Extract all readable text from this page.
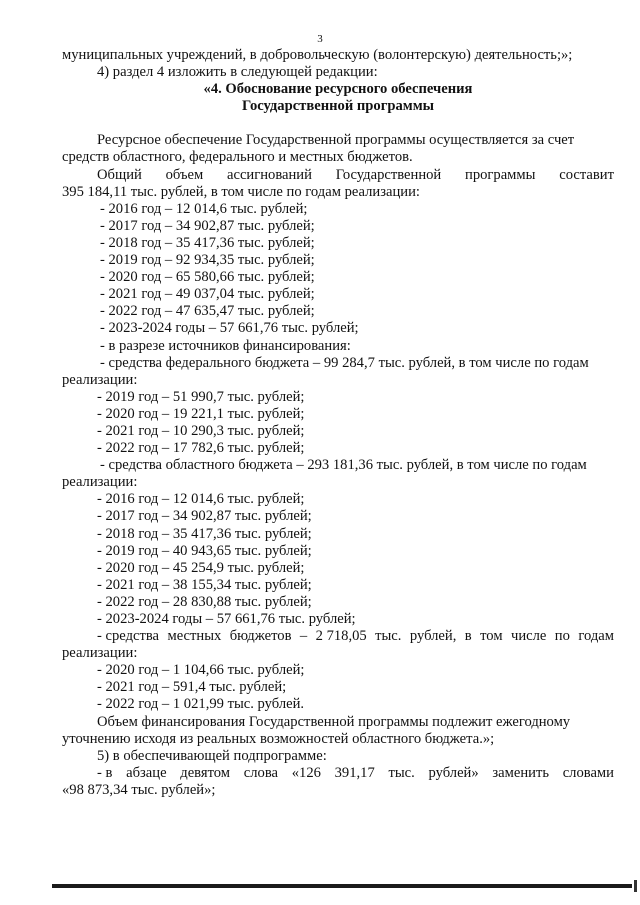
3
муниципальных учреждений, в добровольческую (волонтерскую) деятельность;»;
4) раздел 4 изложить в следующей редакции:
«4. Обоснование ресурсного обеспечения
Государственной программы
Ресурсное обеспечение Государственной программы осуществляется за счет
средств областного, федерального и местных бюджетов.
Общий объем ассигнований Государственной программы составит
395 184,11 тыс. рублей, в том числе по годам реализации:
- 2016 год – 12 014,6 тыс. рублей;
- 2017 год – 34 902,87 тыс. рублей;
- 2018 год – 35 417,36 тыс. рублей;
- 2019 год – 92 934,35 тыс. рублей;
- 2020 год – 65 580,66 тыс. рублей;
- 2021 год – 49 037,04 тыс. рублей;
- 2022 год – 47 635,47 тыс. рублей;
- 2023-2024 годы – 57 661,76 тыс. рублей;
- в разрезе источников финансирования:
- средства федерального бюджета – 99 284,7 тыс. рублей, в том числе по годам
реализации:
- 2019 год – 51 990,7 тыс. рублей;
- 2020 год – 19 221,1 тыс. рублей;
- 2021 год – 10 290,3 тыс. рублей;
- 2022 год – 17 782,6 тыс. рублей;
- средства областного бюджета – 293 181,36 тыс. рублей, в том числе по годам
реализации:
- 2016 год – 12 014,6 тыс. рублей;
- 2017 год – 34 902,87 тыс. рублей;
- 2018 год – 35 417,36 тыс. рублей;
- 2019 год – 40 943,65 тыс. рублей;
- 2020 год – 45 254,9 тыс. рублей;
- 2021 год – 38 155,34 тыс. рублей;
- 2022 год – 28 830,88 тыс. рублей;
- 2023-2024 годы – 57 661,76 тыс. рублей;
- средства местных бюджетов – 2 718,05 тыс. рублей, в том числе по годам
реализации:
- 2020 год – 1 104,66 тыс. рублей;
- 2021 год – 591,4 тыс. рублей;
- 2022 год – 1 021,99 тыс. рублей.
Объем финансирования Государственной программы подлежит ежегодному
уточнению исходя из реальных возможностей областного бюджета.»;
5) в обеспечивающей подпрограмме:
- в абзаце девятом слова «126 391,17 тыс. рублей» заменить словами
«98 873,34 тыс. рублей»;
